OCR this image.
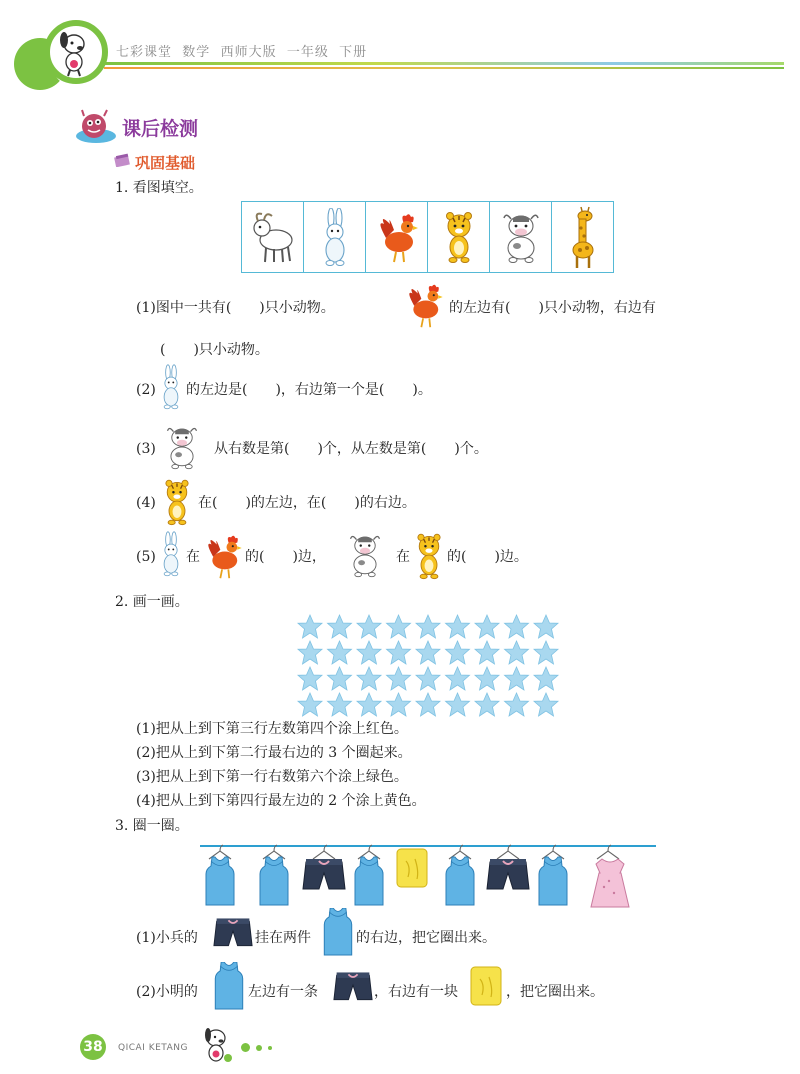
七彩课堂 数学 西师大版 一年级 下册
课后检测
巩固基础
1. 看图填空。
(1)图中一共有(　　)只小动物。	的左边有(　　)只小动物，右边有
(　　)只小动物。
(2) 的左边是(　　)，右边第一个是(　　)。
(3)	从右数是第(　　)个，从左数是第(　　)个。
(4)	在(　　)的左边，在(　　)的右边。
(5) 在	的(　　)边，	在	的(　　)边。
2. 画一画。
(1)把从上到下第三行左数第四个涂上红色。
(2)把从上到下第二行最右边的 3 个圈起来。
(3)把从上到下第一行右数第六个涂上绿色。
(4)把从上到下第四行最左边的 2 个涂上黄色。
3. 圈一圈。
(1)小兵的	挂在两件	的右边，把它圈出来。
(2)小明的	左边有一条	，右边有一块	，把它圈出来。
38	QICAI KETANG
